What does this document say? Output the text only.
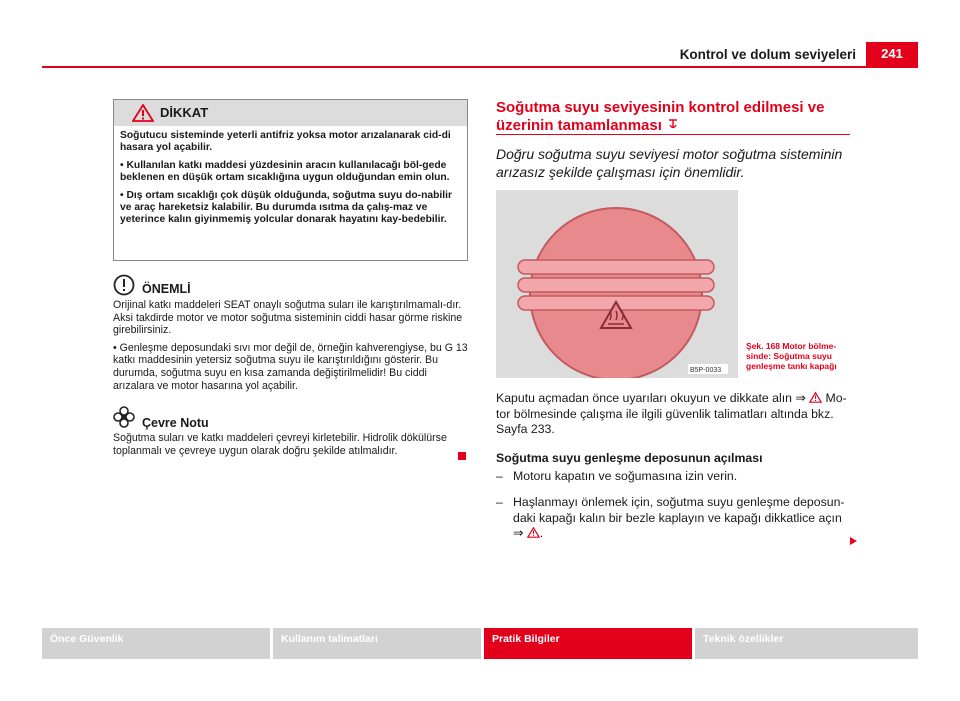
Kontrol ve dolum seviyeleri	241
DİKKAT

Soğutucu sisteminde yeterli antifriz yoksa motor arızalanarak cid-di hasara yol açabilir.

• Kullanılan katkı maddesi yüzdesinin aracın kullanılacağı böl-gede beklenen en düşük ortam sıcaklığına uygun olduğundan emin olun.

• Dış ortam sıcaklığı çok düşük olduğunda, soğutma suyu do-nabilir ve araç hareketsiz kalabilir. Bu durumda ısıtma da çalış-maz ve yeterince kalın giyinmemiş yolcular donarak hayatını kay-bedebilir.

ÖNEMLİ

Orijinal katkı maddeleri SEAT onaylı soğutma suları ile karıştırılmamalı-dır. Aksi takdirde motor ve motor soğutma sisteminin ciddi hasar görme riskine girebilirsiniz.

• Genleşme deposundaki sıvı mor değil de, örneğin kahverengiyse, bu G 13 katkı maddesinin yetersiz soğutma suyu ile karıştırıldığını gösterir. Bu durumda, soğutma suyu en kısa zamanda değiştirilmelidir! Bu ciddi arızalara ve motor hasarına yol açabilir.

Çevre Notu

Soğutma suları ve katkı maddeleri çevreyi kirletebilir. Hidrolik dökülürse toplanmalı ve çevreye uygun olarak doğru şekilde atılmalıdır.

Soğutma suyu seviyesinin kontrol edilmesi ve
üzerinin tamamlanması
Doğru soğutma suyu seviyesi motor soğutma sisteminin arızasız şekilde çalışması için önemlidir.
B5P-0033
Şek. 168 Motor bölme-sinde: Soğutma suyu genleşme tankı kapağı
Kaputu açmadan önce uyarıları okuyun ve dikkate alın ⇒  Mo-tor bölmesinde çalışma ile ilgili güvenlik talimatları altında bkz. Sayfa 233.
Soğutma suyu genleşme deposunun açılması
– Motoru kapatın ve soğumasına izin verin.
– Haşlanmayı önlemek için, soğutma suyu genleşme deposun-daki kapağı kalın bir bezle kaplayın ve kapağı dikkatlice açın
⇒ .
Önce Güvenlik	Kullanım talimatları	Pratik Bilgiler	Teknik özellikler
